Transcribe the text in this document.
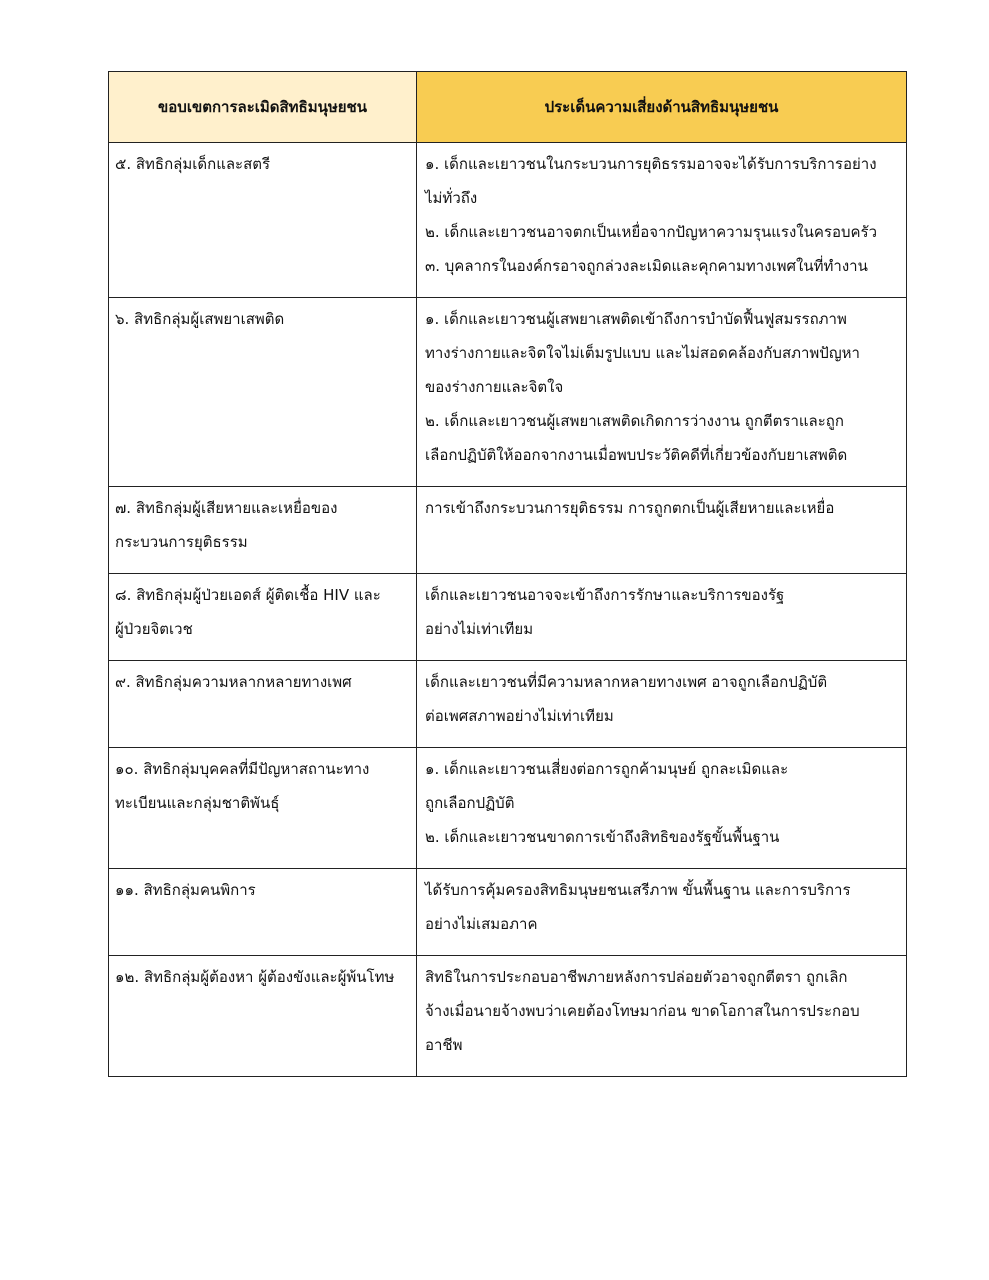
ขอบเขตการละเมิดสิทธิมนุษยชน	ประเด็นความเสี่ยงด้านสิทธิมนุษยชน

๕. สิทธิกลุ่มเด็กและสตรี	๑. เด็กและเยาวชนในกระบวนการยุติธรรมอาจจะได้รับการบริการอย่าง
ไม่ทั่วถึง
๒. เด็กและเยาวชนอาจตกเป็นเหยื่อจากปัญหาความรุนแรงในครอบครัว
๓. บุคลากรในองค์กรอาจถูกล่วงละเมิดและคุกคามทางเพศในที่ทำงาน

๖. สิทธิกลุ่มผู้เสพยาเสพติด	๑. เด็กและเยาวชนผู้เสพยาเสพติดเข้าถึงการบำบัดฟื้นฟูสมรรถภาพ
ทางร่างกายและจิตใจไม่เต็มรูปแบบ และไม่สอดคล้องกับสภาพปัญหา
ของร่างกายและจิตใจ
๒. เด็กและเยาวชนผู้เสพยาเสพติดเกิดการว่างงาน ถูกตีตราและถูก
เลือกปฏิบัติให้ออกจากงานเมื่อพบประวัติคดีที่เกี่ยวข้องกับยาเสพติด

๗. สิทธิกลุ่มผู้เสียหายและเหยื่อของ
กระบวนการยุติธรรม	การเข้าถึงกระบวนการยุติธรรม การถูกตกเป็นผู้เสียหายและเหยื่อ

๘. สิทธิกลุ่มผู้ป่วยเอดส์ ผู้ติดเชื้อ HIV และ
ผู้ป่วยจิตเวช	เด็กและเยาวชนอาจจะเข้าถึงการรักษาและบริการของรัฐ
อย่างไม่เท่าเทียม

๙. สิทธิกลุ่มความหลากหลายทางเพศ	เด็กและเยาวชนที่มีความหลากหลายทางเพศ อาจถูกเลือกปฏิบัติ
ต่อเพศสภาพอย่างไม่เท่าเทียม

๑๐. สิทธิกลุ่มบุคคลที่มีปัญหาสถานะทาง
ทะเบียนและกลุ่มชาติพันธุ์	๑. เด็กและเยาวชนเสี่ยงต่อการถูกค้ามนุษย์ ถูกละเมิดและ
ถูกเลือกปฏิบัติ
๒. เด็กและเยาวชนขาดการเข้าถึงสิทธิของรัฐขั้นพื้นฐาน

๑๑. สิทธิกลุ่มคนพิการ	ได้รับการคุ้มครองสิทธิมนุษยชนเสรีภาพ ขั้นพื้นฐาน และการบริการ
อย่างไม่เสมอภาค

๑๒. สิทธิกลุ่มผู้ต้องหา ผู้ต้องขังและผู้พ้นโทษ	สิทธิในการประกอบอาชีพภายหลังการปล่อยตัวอาจถูกตีตรา ถูกเลิก
จ้างเมื่อนายจ้างพบว่าเคยต้องโทษมาก่อน ขาดโอกาสในการประกอบ
อาชีพ
